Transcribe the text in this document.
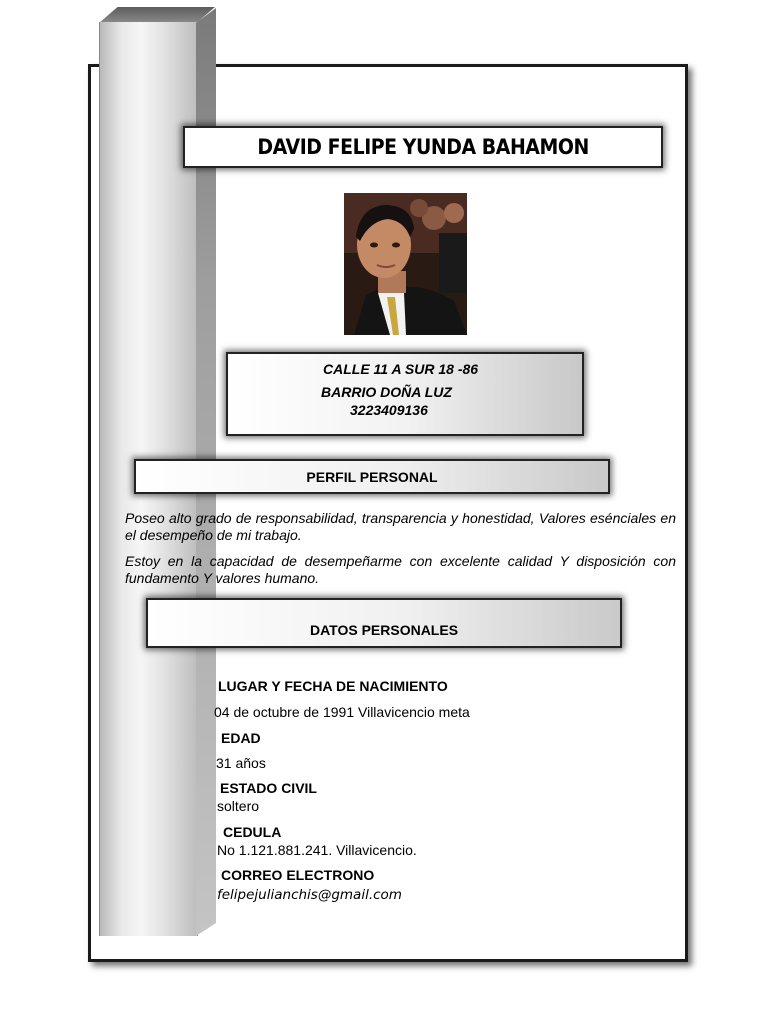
DAVID FELIPE YUNDA BAHAMON
CALLE 11 A SUR 18 -86
BARRIO DOÑA LUZ
3223409136
PERFIL PERSONAL

Poseo alto grado de responsabilidad, transparencia y honestidad, Valores esénciales en el desempeño de mi trabajo.

Estoy en la capacidad de desempeñarme con excelente calidad Y disposición con fundamento Y valores humano.

DATOS PERSONALES
LUGAR Y FECHA DE NACIMIENTO
04 de octubre de 1991 Villavicencio meta
EDAD
31 años
ESTADO CIVIL
soltero
CEDULA
No 1.121.881.241. Villavicencio.
CORREO ELECTRONO
felipejulianchis@gmail.com
